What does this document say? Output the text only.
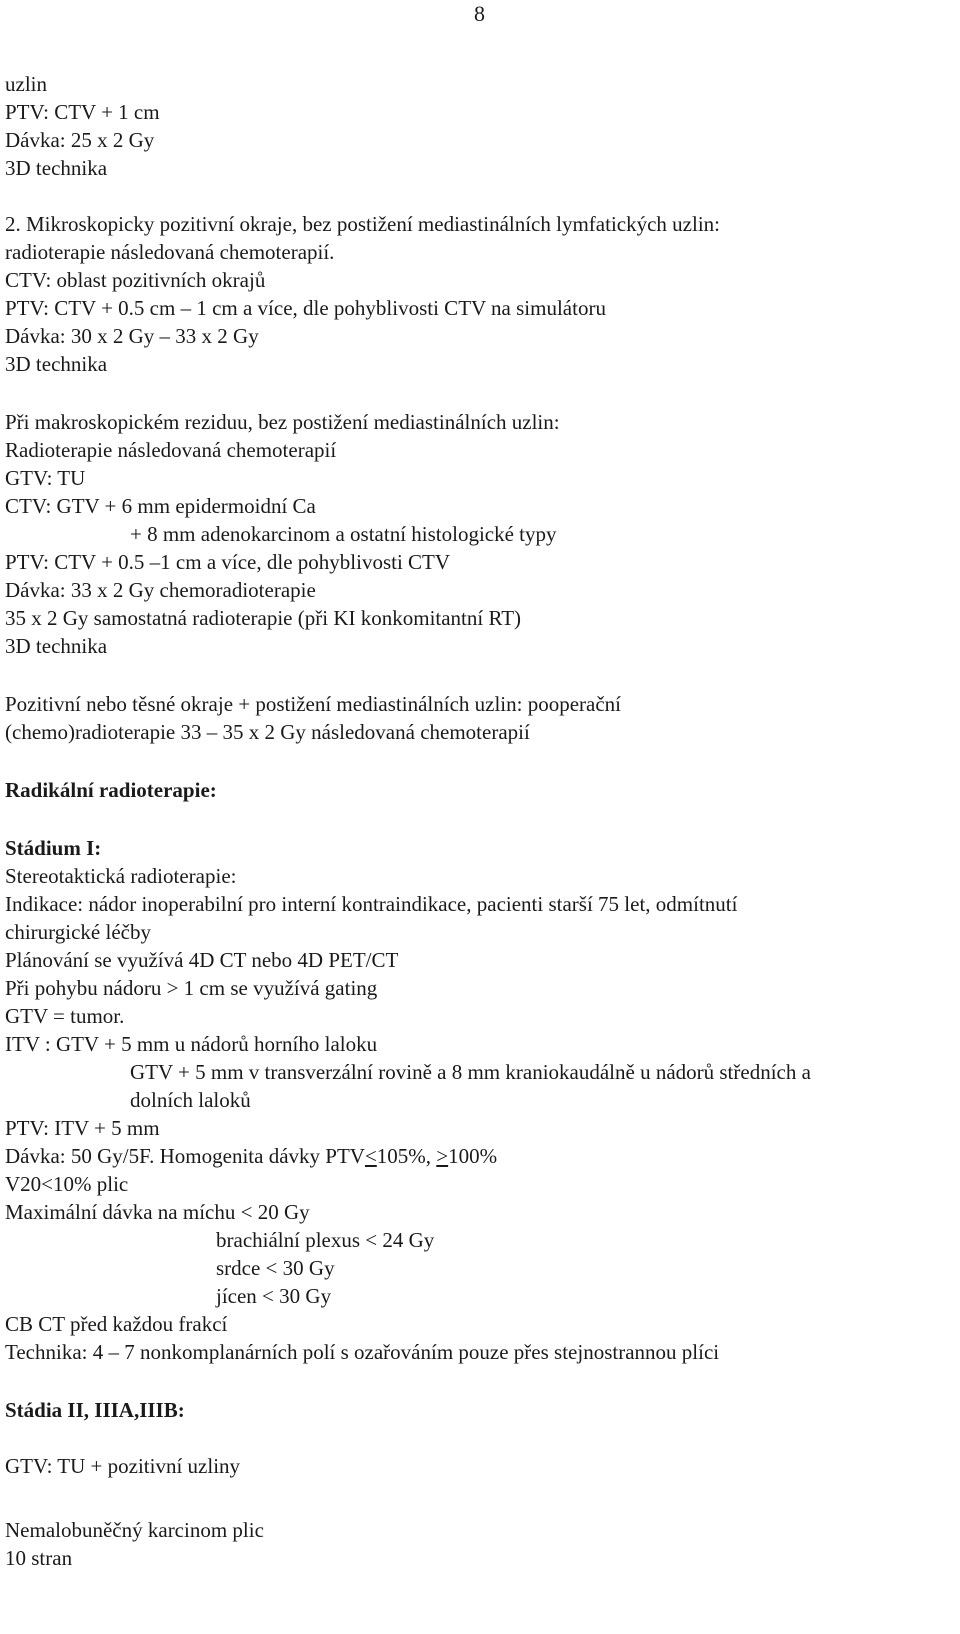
8
uzlin
PTV: CTV + 1 cm
Dávka: 25 x 2 Gy
3D technika
2. Mikroskopicky pozitivní okraje, bez postižení mediastinálních lymfatických uzlin:
radioterapie následovaná chemoterapií.
CTV: oblast pozitivních okrajů
PTV: CTV + 0.5 cm – 1 cm a více, dle pohyblivosti CTV na simulátoru
Dávka: 30 x 2 Gy – 33 x 2 Gy
3D technika
Při makroskopickém reziduu, bez postižení mediastinálních uzlin:
Radioterapie následovaná chemoterapií
GTV: TU
CTV: GTV + 6 mm epidermoidní Ca
+ 8 mm adenokarcinom a ostatní histologické typy
PTV: CTV + 0.5 –1 cm a více, dle pohyblivosti CTV
Dávka: 33 x 2 Gy chemoradioterapie
35 x 2 Gy samostatná radioterapie (při KI konkomitantní RT)
3D technika
Pozitivní nebo těsné okraje + postižení mediastinálních uzlin: pooperační
(chemo)radioterapie 33 – 35 x 2 Gy následovaná chemoterapií
Radikální radioterapie:
Stádium I:
Stereotaktická radioterapie:
Indikace: nádor inoperabilní pro interní kontraindikace, pacienti starší 75 let, odmítnutí
chirurgické léčby
Plánování se využívá 4D CT nebo 4D PET/CT
Při pohybu nádoru > 1 cm se využívá gating
GTV = tumor.
ITV : GTV + 5 mm u nádorů horního laloku
GTV + 5 mm v transverzální rovině a 8 mm kraniokaudálně u nádorů středních a
dolních laloků
PTV: ITV + 5 mm
Dávka: 50 Gy/5F. Homogenita dávky PTV<105%, >100%
V20<10% plic
Maximální dávka na míchu < 20 Gy
brachiální plexus < 24 Gy
srdce < 30 Gy
jícen < 30 Gy
CB CT před každou frakcí
Technika: 4 – 7 nonkomplanárních polí s ozařováním pouze přes stejnostrannou plíci
Stádia II, IIIA,IIIB:
GTV: TU + pozitivní uzliny
Nemalobuněčný karcinom plic
10 stran
